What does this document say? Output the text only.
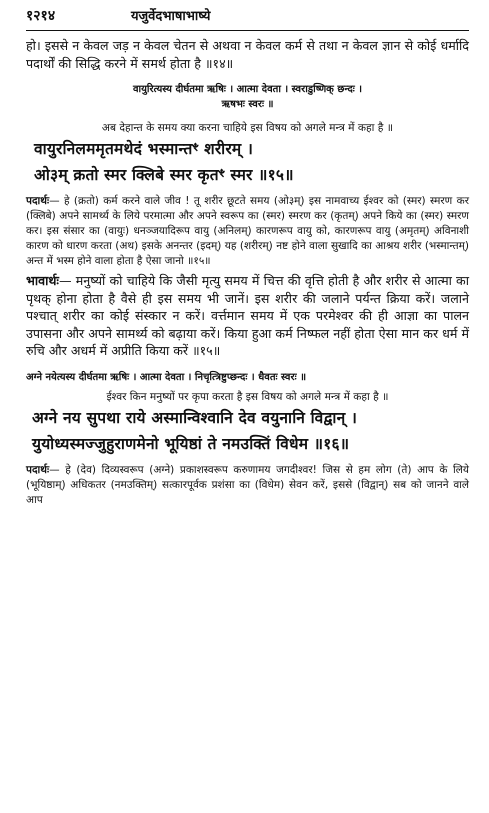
१२१४	यजुर्वेदभाषाभाष्ये

हो। इससे न केवल जड़ न केवल चेतन से अथवा न केवल कर्म से तथा न केवल ज्ञान से कोई धर्मादि पदार्थों की सिद्धि करने में समर्थ होता है ॥१४॥

वायुरित्यस्य दीर्घतमा ऋषिः । आत्मा देवता । स्वराडुष्णिक् छन्दः ।

ऋषभः स्वरः ॥

अब देहान्त के समय क्या करना चाहिये इस विषय को अगले मन्त्र में कहा है ॥

वायुरनिलममृतमथेदं भस्मान्तꣳ शरीरम् ।

ओ३म् क्रतो स्मर क्लिबे स्मर कृतꣳ स्मर ॥१५॥

पदार्थः— हे (क्रतो) कर्म करने वाले जीव ! तू शरीर छूटते समय (ओ३म्) इस नामवाच्य ईश्वर को (स्मर) स्मरण कर (क्लिबे) अपने सामर्थ्य के लिये परमात्मा और अपने स्वरूप का (स्मर) स्मरण कर (कृतम्) अपने किये का (स्मर) स्मरण कर। इस संसार का (वायुः) धनञ्जयादिरूप वायु (अनिलम्) कारणरूप वायु को, कारणरूप वायु (अमृतम्) अविनाशी कारण को धारण करता (अथ) इसके अनन्तर (इदम्) यह (शरीरम्) नष्ट होने वाला सुखादि का आश्रय शरीर (भस्मान्तम्) अन्त में भस्म होने वाला होता है ऐसा जानो ॥१५॥

भावार्थः— मनुष्यों को चाहिये कि जैसी मृत्यु समय में चित्त की वृत्ति होती है और शरीर से आत्मा का पृथक् होना होता है वैसे ही इस समय भी जानें। इस शरीर की जलाने पर्यन्त क्रिया करें। जलाने पश्चात् शरीर का कोई संस्कार न करें। वर्त्तमान समय में एक परमेश्वर की ही आज्ञा का पालन उपासना और अपने सामर्थ्य को बढ़ाया करें। किया हुआ कर्म निष्फल नहीं होता ऐसा मान कर धर्म में रुचि और अधर्म में अप्रीति किया करें ॥१५॥

अग्ने नयेत्यस्य दीर्घतमा ऋषिः । आत्मा देवता । निचृत्त्रिष्टुप्छन्दः । धैवतः स्वरः ॥

ईश्वर किन मनुष्यों पर कृपा करता है इस विषय को अगले मन्त्र में कहा है ॥

अग्ने नय सुपथा राये अस्मान्विश्वानि देव वयुनानि विद्वान् ।

युयोध्यस्मज्जुहुराणमेनो भूयिष्ठां ते नमउक्तिं विधेम ॥१६॥

पदार्थः— हे (देव) दिव्यस्वरूप (अग्ने) प्रकाशस्वरूप करुणामय जगदीश्वर! जिस से हम लोग (ते) आप के लिये (भूयिष्ठाम्) अधिकतर (नमउक्तिम्) सत्कारपूर्वक प्रशंसा का (विधेम) सेवन करें, इससे (विद्वान्) सब को जानने वाले आप
